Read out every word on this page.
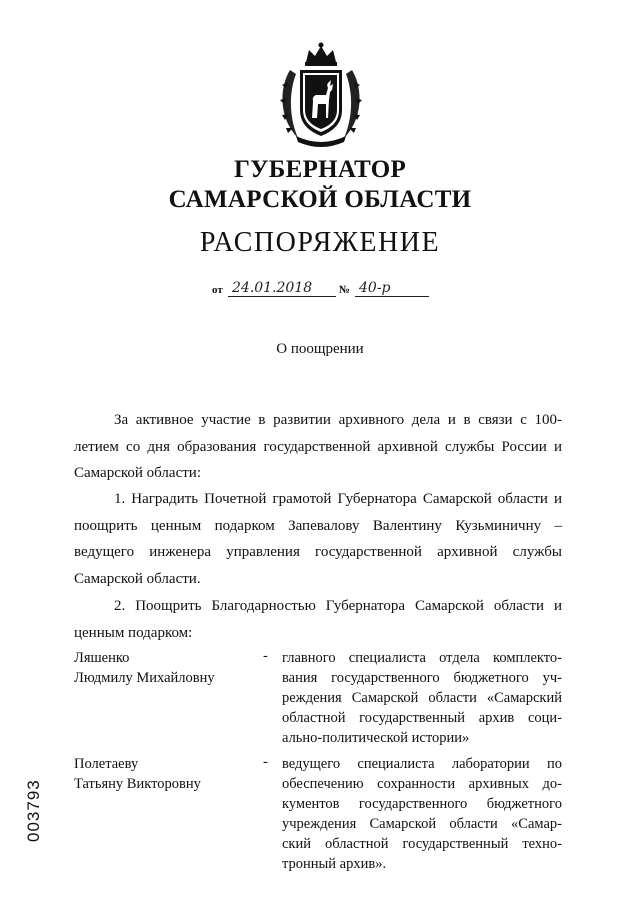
ГУБЕРНАТОР
САМАРСКОЙ ОБЛАСТИ
РАСПОРЯЖЕНИЕ
от 24.01.2018	№ 40-р
О поощрении
За активное участие в развитии архивного дела и в связи с 100-летием со дня образования государственной архивной службы России и Самарской области:
1. Наградить Почетной грамотой Губернатора Самарской области и поощрить ценным подарком Запевалову Валентину Кузьминичну – ведущего инженера управления государственной архивной службы Самарской области.
2. Поощрить Благодарностью Губернатора Самарской области и ценным подарком:
Ляшенко
Людмилу Михайловну
- главного специалиста отдела комплекто-вания государственного бюджетного уч-реждения Самарской области «Самарский областной государственный архив соци-ально-политической истории»
Полетаеву
Татьяну Викторовну
- ведущего специалиста лаборатории по обеспечению сохранности архивных до-кументов государственного бюджетного учреждения Самарской области «Самар-ский областной государственный техно-тронный архив».
003793
